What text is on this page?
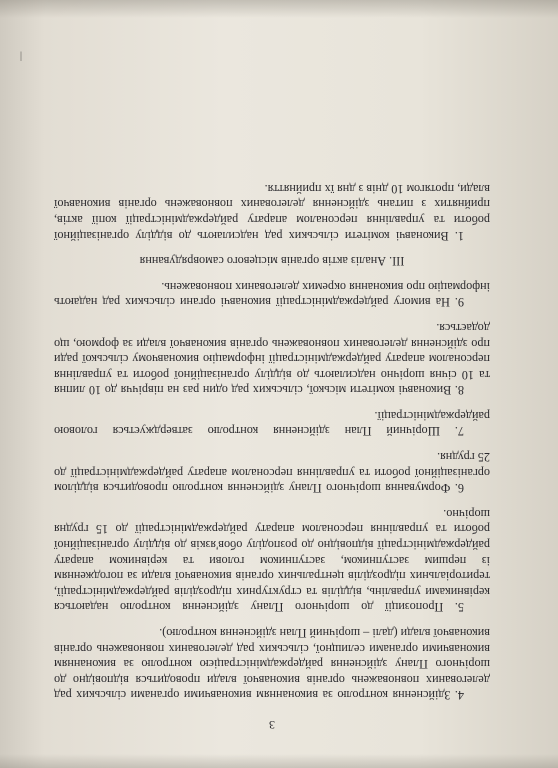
3

4. Здійснення контролю за виконанням виконавчими органами сільських рад делегованих повноважень органів виконавчої влади проводиться відповідно до шорічного Плану здійснення райдержадміністрацією контролю за виконанням виконавчими органами селищної, сільських рад делегованих повноважень органів виконавчої влади (далі – шорічний План здійснення контролю).

5. Пропозиції до шорічного Плану здійснення контролю надаються керівниками управлінь, відділів та структурних підрозділів райдержадміністрації, територіальних підрозділів центральних органів виконавчої влади за погодженням із першим заступником, заступником голови та керівником апарату райдержадміністрації відповідно до розподілу обов'язків до відділу організаційної роботи та управління персоналом апарату райдержадміністрації до 15 грудня шорічно.

6. Формування шорічного Плану здійснення контролю проводиться відділом організаційної роботи та управління персоналом апарату райдержадміністрації до 25 грудня.

7. Шорічний План здійснення контролю затверджується головою райдержадміністрації.

8. Виконавчі комітети міської, сільських рад один раз на півріччя до 10 липня та 10 січня шорічно надсилають до відділу організаційної роботи та управління персоналом апарату райдержадміністрації інформацію виконавчому сільської ради про здійснення делегованих повноважень органів виконавчої влади за формою, що додається.

9. На вимогу райдержадміністрації виконавчі органи сільських рад надають інформацію про виконання окремих делегованих повноважень.

III. Аналіз актів органів місцевого самоврядування

1. Виконавчі комітети сільських рад надсилають до відділу організаційної роботи та управління персоналом апарату райдержадміністрації копії актів, прийнятих з питань здійснення делегованих повноважень органів виконавчої влади, протягом 10 днів з дня їх прийняття.

|
